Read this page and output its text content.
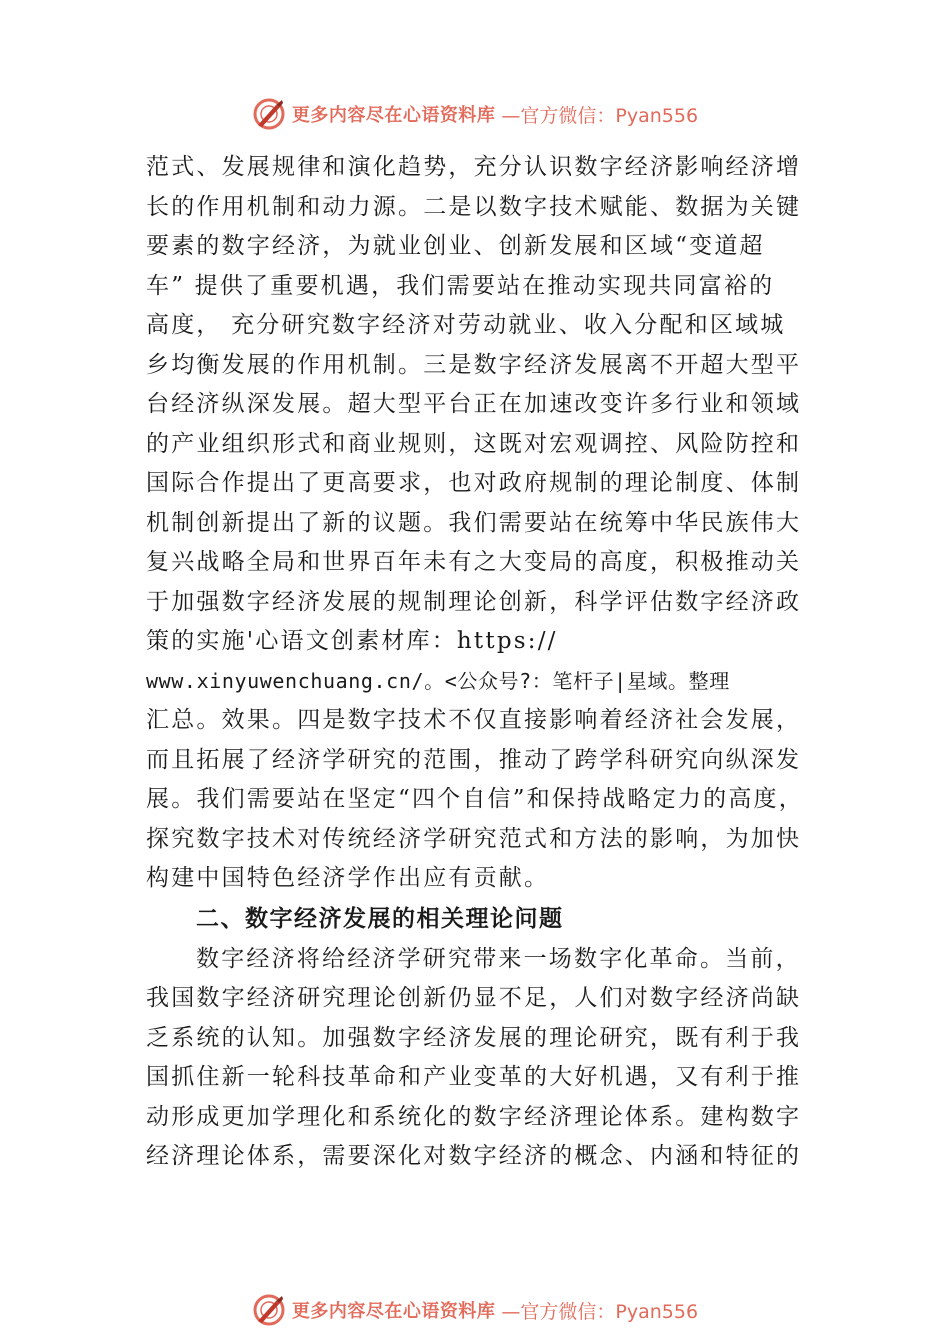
更多内容尽在心语资料库 —官方微信：Pyan556
范式、发展规律和演化趋势，充分认识数字经济影响经济增
长的作用机制和动力源。二是以数字技术赋能、数据为关键
要素的数字经济，为就业创业、创新发展和区域“变道超
车” 提供了重要机遇，我们需要站在推动实现共同富裕的
高度， 充分研究数字经济对劳动就业、收入分配和区域城
乡均衡发展的作用机制。三是数字经济发展离不开超大型平
台经济纵深发展。超大型平台正在加速改变许多行业和领域
的产业组织形式和商业规则，这既对宏观调控、风险防控和
国际合作提出了更高要求，也对政府规制的理论制度、体制
机制创新提出了新的议题。我们需要站在统筹中华民族伟大
复兴战略全局和世界百年未有之大变局的高度，积极推动关
于加强数字经济发展的规制理论创新，科学评估数字经济政
策的实施'心语文创素材库：https://
www.xinyuwenchuang.cn/。<公众号?：笔杆子|星域。整理
汇总。效果。四是数字技术不仅直接影响着经济社会发展，
而且拓展了经济学研究的范围，推动了跨学科研究向纵深发
展。我们需要站在坚定“四个自信”和保持战略定力的高度，
探究数字技术对传统经济学研究范式和方法的影响，为加快
构建中国特色经济学作出应有贡献。
二、数字经济发展的相关理论问题
数字经济将给经济学研究带来一场数字化革命。当前，
我国数字经济研究理论创新仍显不足，人们对数字经济尚缺
乏系统的认知。加强数字经济发展的理论研究，既有利于我
国抓住新一轮科技革命和产业变革的大好机遇，又有利于推
动形成更加学理化和系统化的数字经济理论体系。建构数字
经济理论体系，需要深化对数字经济的概念、内涵和特征的
更多内容尽在心语资料库 —官方微信：Pyan556
